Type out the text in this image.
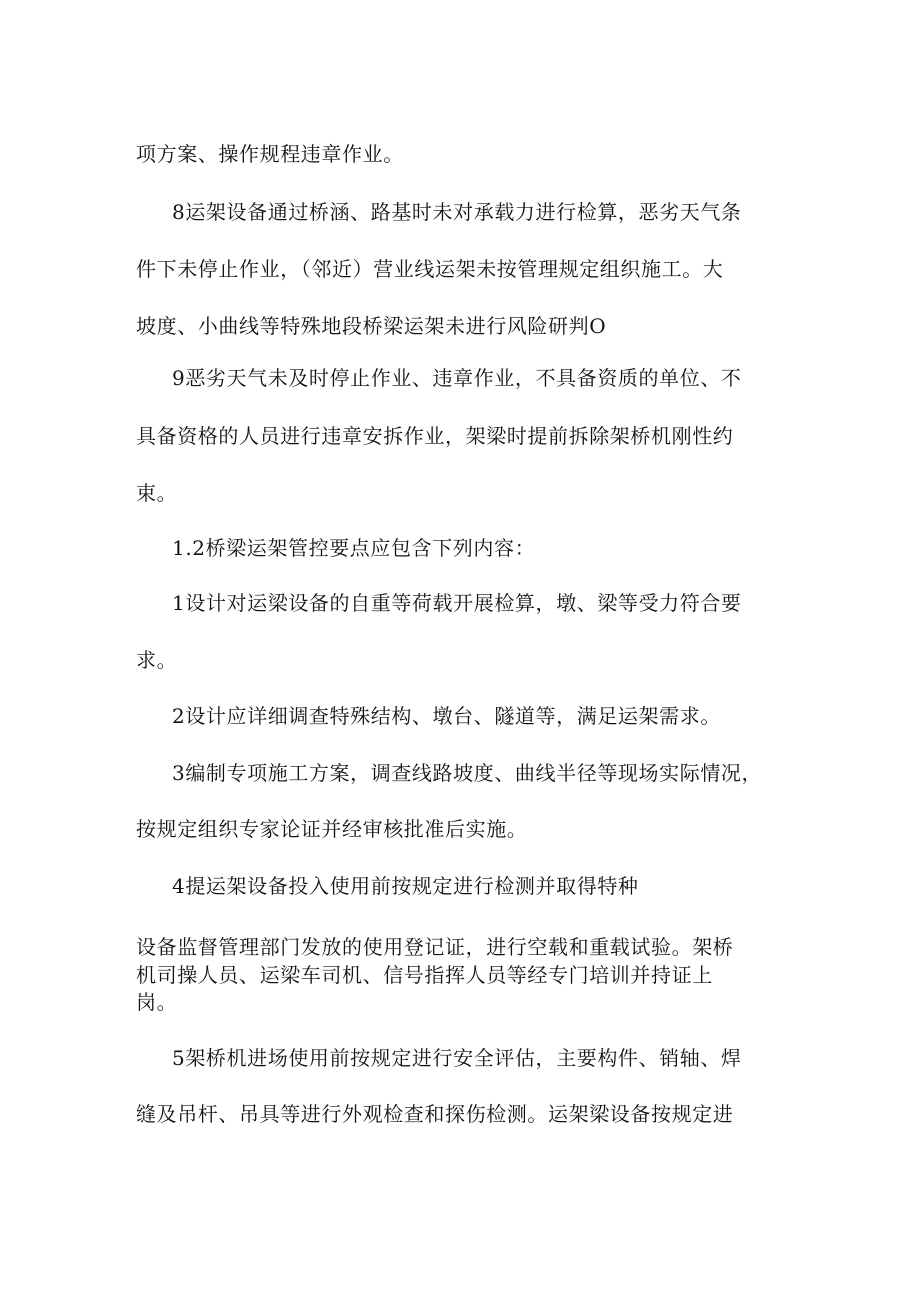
项方案、操作规程违章作业。
8运架设备通过桥涵、路基时未对承载力进行检算，恶劣天气条
件下未停止作业，（邻近）营业线运架未按管理规定组织施工。大
坡度、小曲线等特殊地段桥梁运架未进行风险研判O
9恶劣天气未及时停止作业、违章作业，不具备资质的单位、不
具备资格的人员进行违章安拆作业，架梁时提前拆除架桥机刚性约
束。
1.2桥梁运架管控要点应包含下列内容：
1设计对运梁设备的自重等荷载开展检算，墩、梁等受力符合要
求。
2设计应详细调查特殊结构、墩台、隧道等，满足运架需求。
3编制专项施工方案，调查线路坡度、曲线半径等现场实际情况，
按规定组织专家论证并经审核批准后实施。
4提运架设备投入使用前按规定进行检测并取得特种
设备监督管理部门发放的使用登记证，进行空载和重载试验。架桥
机司操人员、运梁车司机、信号指挥人员等经专门培训并持证上
岗。
5架桥机进场使用前按规定进行安全评估，主要构件、销轴、焊
缝及吊杆、吊具等进行外观检查和探伤检测。运架梁设备按规定进
